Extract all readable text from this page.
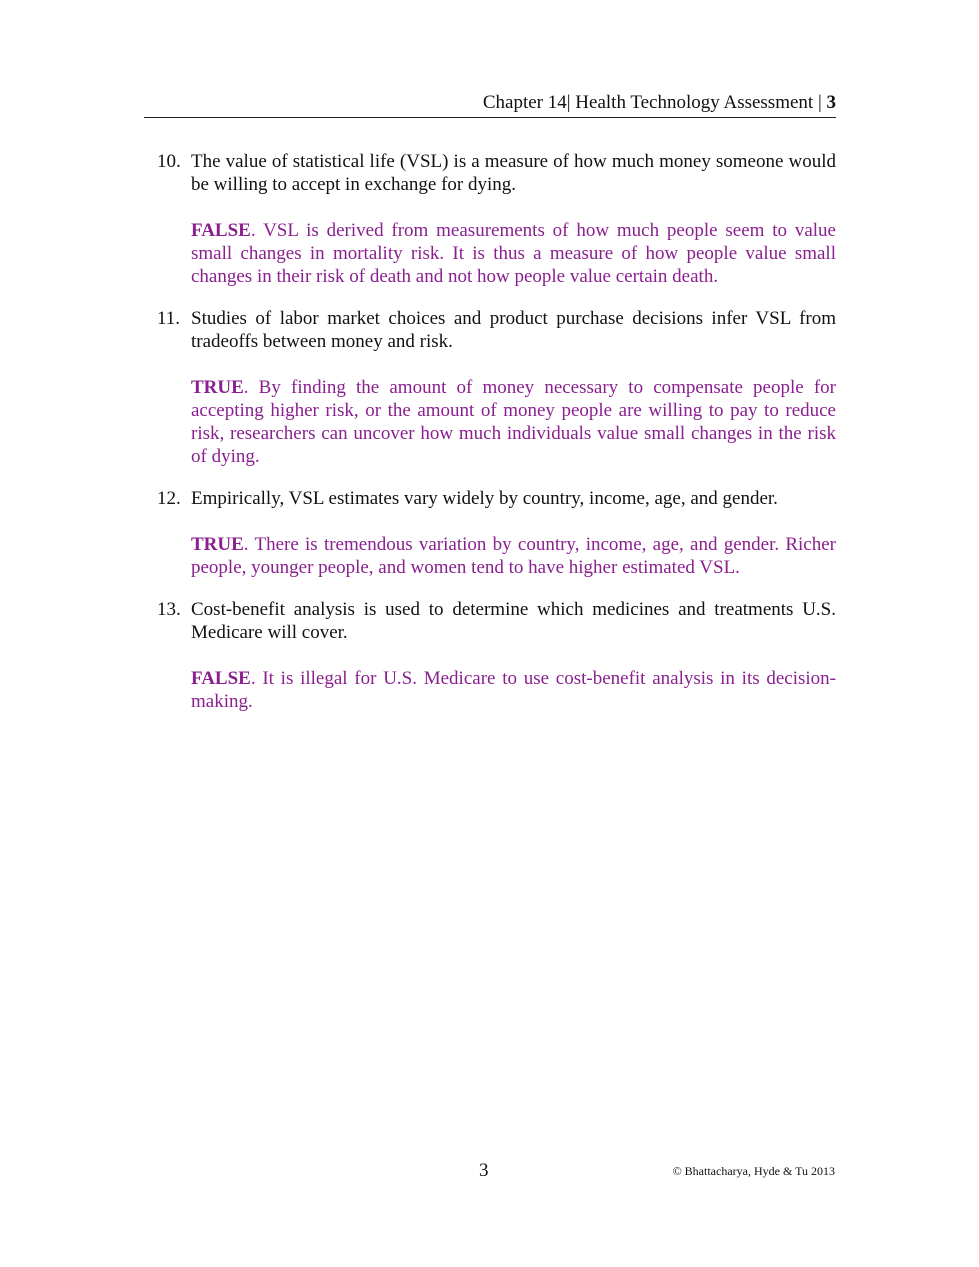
Chapter 14| Health Technology Assessment | 3
10. The value of statistical life (VSL) is a measure of how much money someone would be willing to accept in exchange for dying.

FALSE. VSL is derived from measurements of how much people seem to value small changes in mortality risk. It is thus a measure of how people value small changes in their risk of death and not how people value certain death.

11. Studies of labor market choices and product purchase decisions infer VSL from tradeoffs between money and risk.

TRUE. By finding the amount of money necessary to compensate people for accepting higher risk, or the amount of money people are willing to pay to reduce risk, researchers can uncover how much individuals value small changes in the risk of dying.

12. Empirically, VSL estimates vary widely by country, income, age, and gender.

TRUE. There is tremendous variation by country, income, age, and gender. Richer people, younger people, and women tend to have higher estimated VSL.

13. Cost-benefit analysis is used to determine which medicines and treatments U.S. Medicare will cover.

FALSE. It is illegal for U.S. Medicare to use cost-benefit analysis in its decision-making.

3	© Bhattacharya, Hyde & Tu 2013
